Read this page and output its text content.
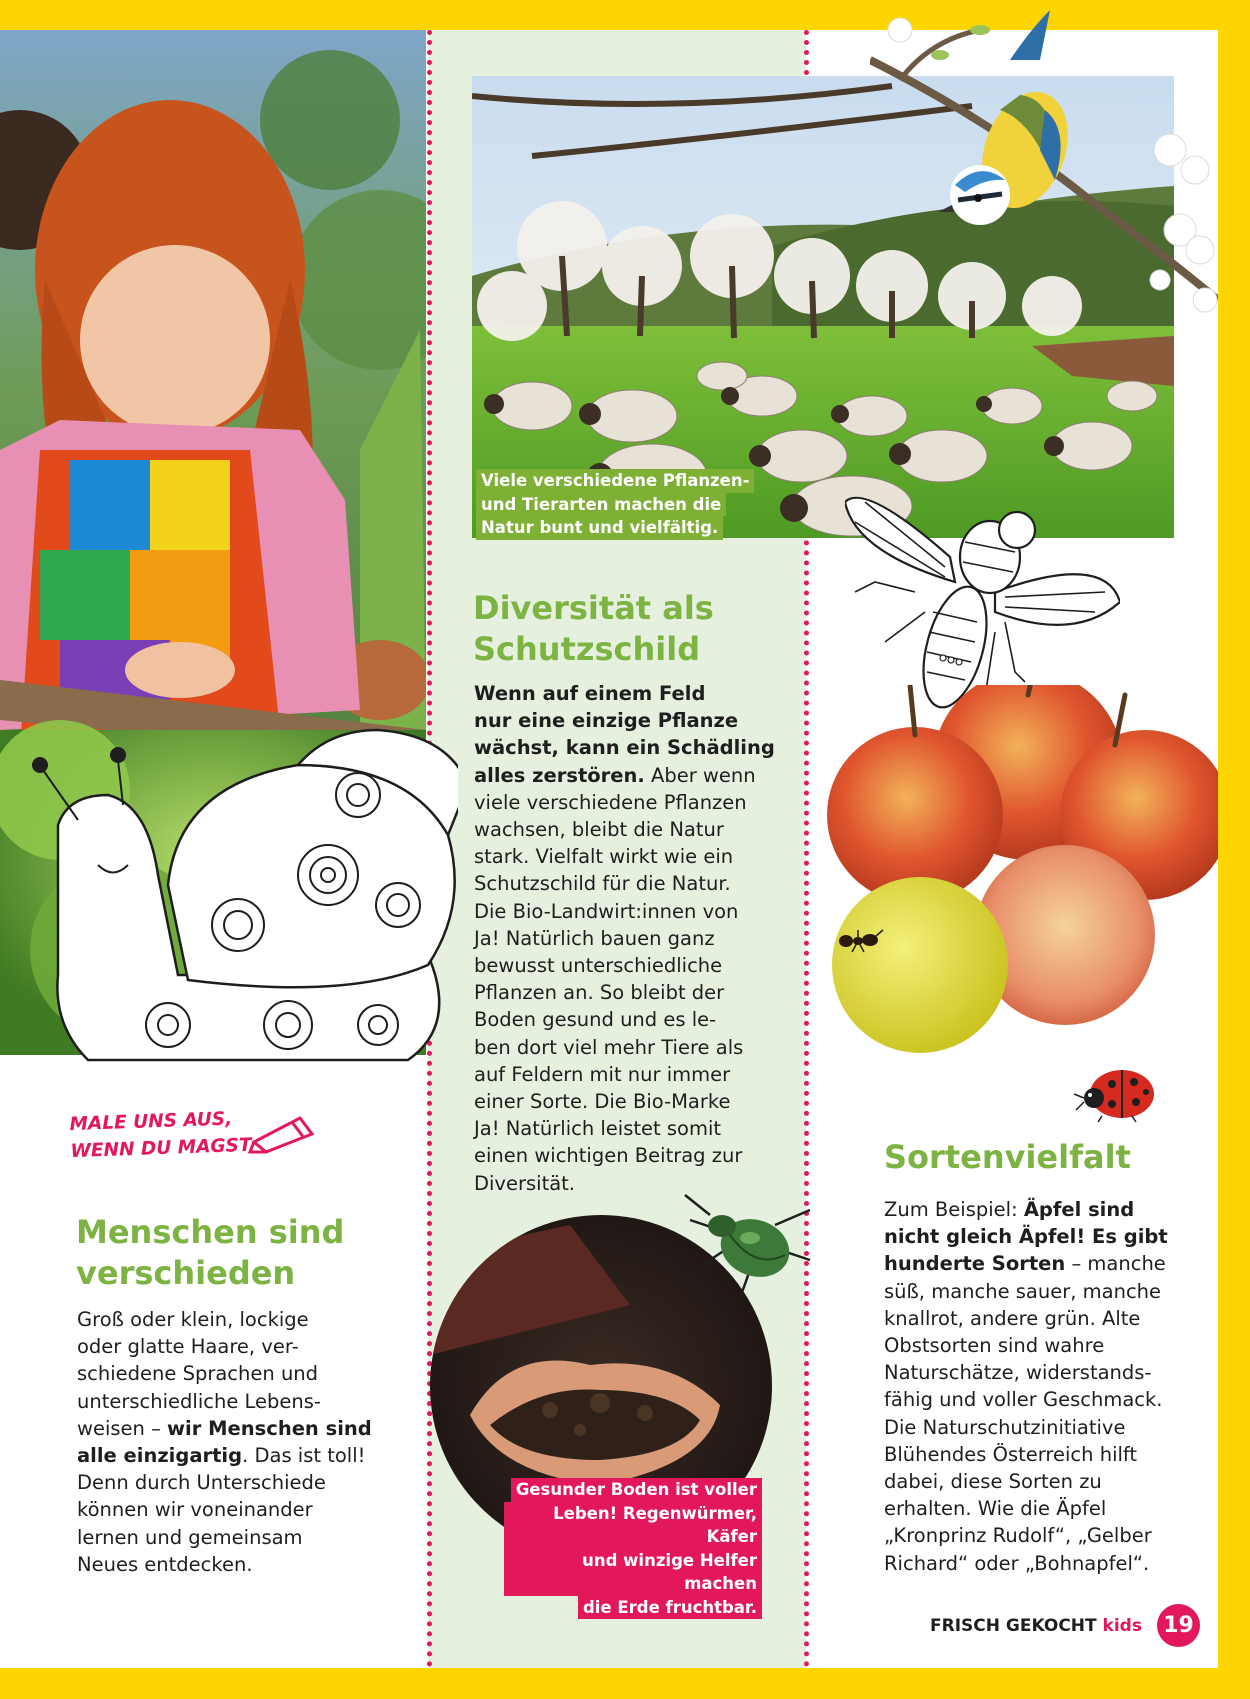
MALE UNS AUS,
WENN DU MAGST
Menschen sind
verschieden
Groß oder klein, lockige
oder glatte Haare, ver-
schiedene Sprachen und
unterschiedliche Lebens-
weisen – wir Menschen sind
alle einzigartig. Das ist toll!
Denn durch Unterschiede
können wir voneinander
lernen und gemeinsam
Neues entdecken.
Viele verschiedene Pflanzen-
und Tierarten machen die
Natur bunt und vielfältig.
Diversität als
Schutzschild
Wenn auf einem Feld
nur eine einzige Pflanze
wächst, kann ein Schädling
alles zerstören. Aber wenn
viele verschiedene Pflanzen
wachsen, bleibt die Natur
stark. Vielfalt wirkt wie ein
Schutzschild für die Natur.
Die Bio-Landwirt:innen von
Ja! Natürlich bauen ganz
bewusst unterschiedliche
Pflanzen an. So bleibt der
Boden gesund und es le-
ben dort viel mehr Tiere als
auf Feldern mit nur immer
einer Sorte. Die Bio-Marke
Ja! Natürlich leistet somit
einen wichtigen Beitrag zur
Diversität.
Gesunder Boden ist voller
Leben! Regenwürmer, Käfer
und winzige Helfer machen
die Erde fruchtbar.
Sortenvielfalt
Zum Beispiel: Äpfel sind
nicht gleich Äpfel! Es gibt
hunderte Sorten – manche
süß, manche sauer, manche
knallrot, andere grün. Alte
Obstsorten sind wahre
Naturschätze, widerstands-
fähig und voller Geschmack.
Die Naturschutzinitiative
Blühendes Österreich hilft
dabei, diese Sorten zu
erhalten. Wie die Äpfel
„Kronprinz Rudolf“, „Gelber
Richard“ oder „Bohnapfel“.
FRISCH GEKOCHT kids 19
